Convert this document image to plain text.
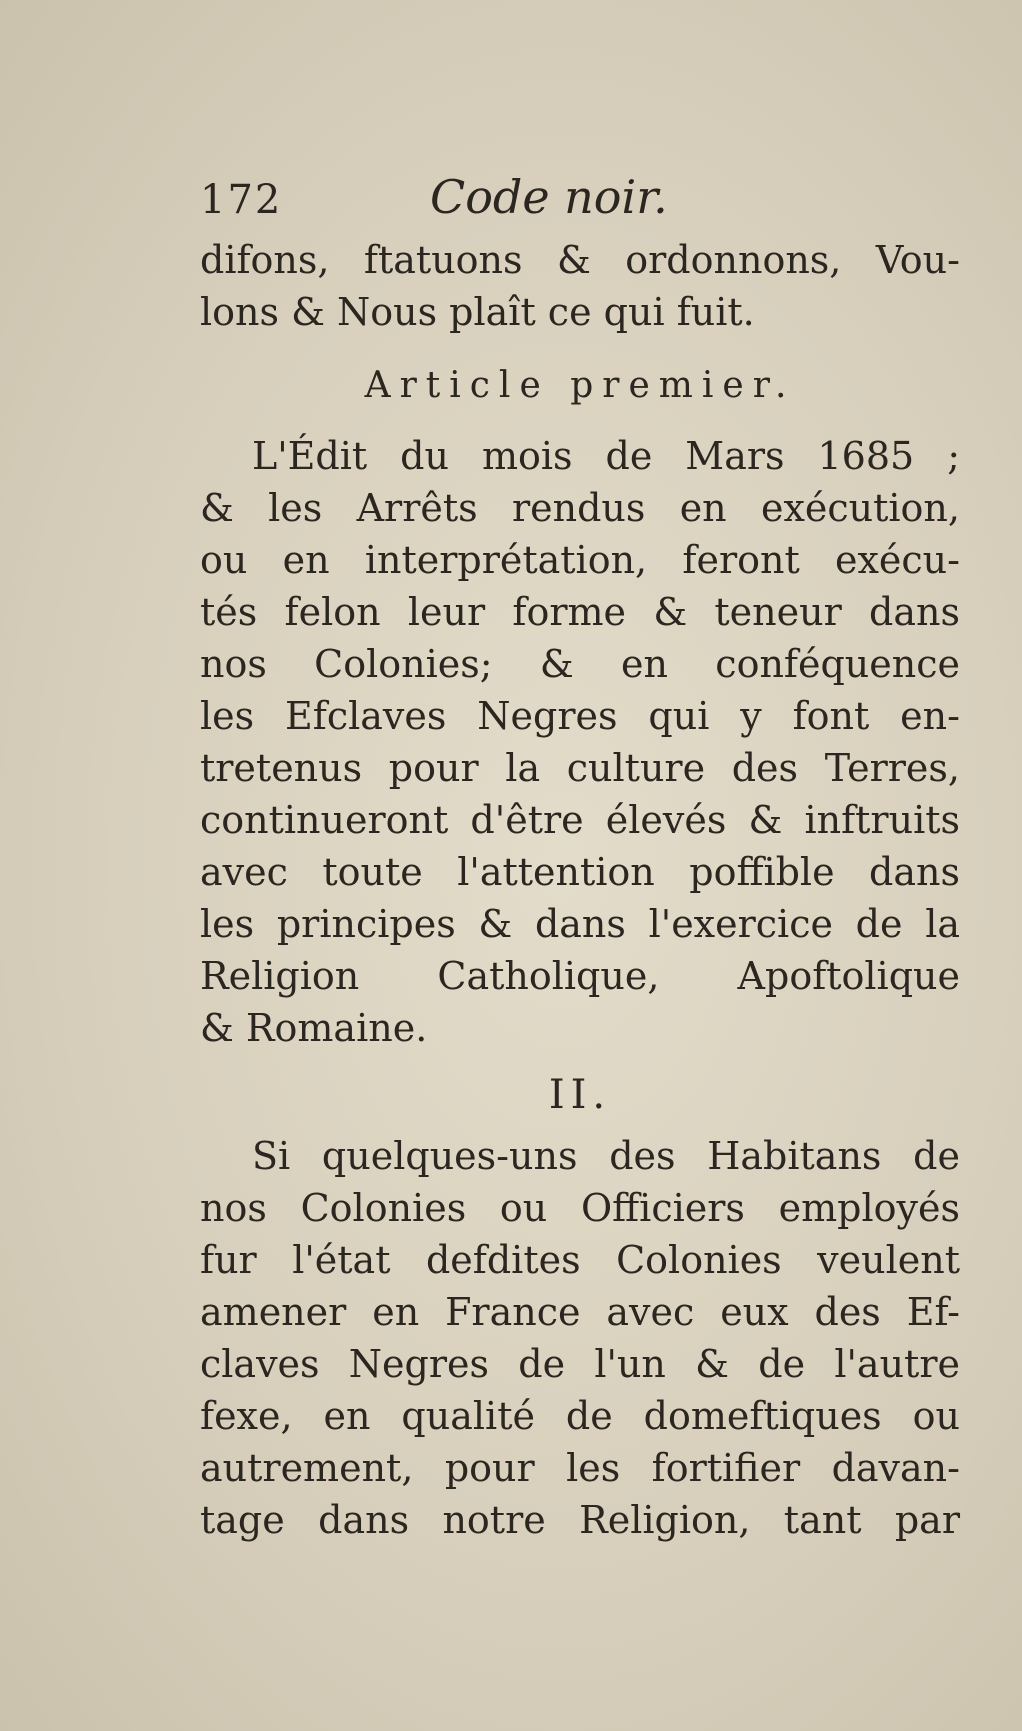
172	Code noir.
difons, ftatuons & ordonnons, Vou-
lons & Nous plaît ce qui fuit.
Article premier.
L'Édit du mois de Mars 1685 ;
& les Arrêts rendus en exécution,
ou en interprétation, feront exécu-
tés felon leur forme & teneur dans
nos Colonies; & en conféquence
les Efclaves Negres qui y font en-
tretenus pour la culture des Terres,
continueront d'être élevés & inftruits
avec toute l'attention poffible dans
les principes & dans l'exercice de la
Religion Catholique, Apoftolique
& Romaine.
II.
Si quelques-uns des Habitans de
nos Colonies ou Officiers employés
fur l'état defdites Colonies veulent
amener en France avec eux des Ef-
claves Negres de l'un & de l'autre
fexe, en qualité de domeftiques ou
autrement, pour les fortifier davan-
tage dans notre Religion, tant par
